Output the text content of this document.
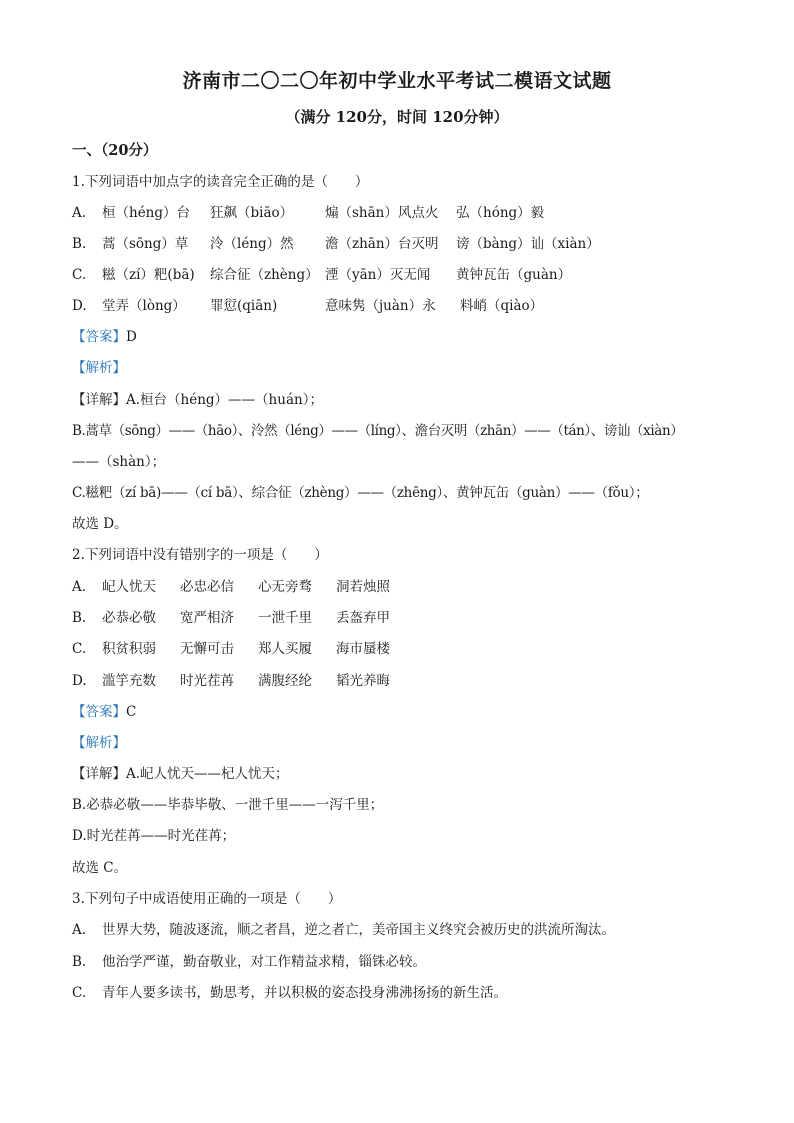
济南市二〇二〇年初中学业水平考试二模语文试题
（满分 120分，时间 120分钟）
一、（20分）
1.下列词语中加点字的读音完全正确的是（　　）
A.	桓（héng）台	狂飙（biāo）	煽（shān）风点火	弘（hóng）毅
B.	蒿（sōng）草	泠（léng）然	澹（zhān）台灭明	谤（bàng）讪（xiàn）
C.	糍（zí）粑(bā)	综合征（zhèng） 湮（yān）灭无闻	黄钟瓦缶（guàn）
D.	堂弄（lòng）	罪愆(qiān)	意味隽（juàn）永	料峭（qiào）
【答案】D
【解析】
【详解】A.桓台（héng）——（huán）；
B.蒿草（sōng）——（hāo）、泠然（léng）——（líng）、澹台灭明（zhān）——（tán）、谤讪（xiàn）
——（shàn）；
C.糍粑（zí bā)——（cí bā）、综合征（zhèng）——（zhēng）、黄钟瓦缶（guàn）——（fǒu）；
故选 D。
2.下列词语中没有错别字的一项是（　　）
A.	屺人忧天	必忠必信	心无旁骛	洞若烛照
B.	必恭必敬	宽严相济	一泄千里	丢盔弃甲
C.	积贫积弱	无懈可击	郑人买履	海市蜃楼
D.	滥竽充数	时光茬苒	满腹经纶	韬光养晦
【答案】C
【解析】
【详解】A.屺人忧天——杞人忧天；
B.必恭必敬——毕恭毕敬、一泄千里——一泻千里；
D.时光茬苒——时光荏苒；
故选 C。
3.下列句子中成语使用正确的一项是（　　）
A.	世界大势，随波逐流，顺之者昌，逆之者亡，美帝国主义终究会被历史的洪流所淘汰。
B.	他治学严谨，勤奋敬业，对工作精益求精，锱铢必较。
C.	青年人要多读书，勤思考，并以积极的姿态投身沸沸扬扬的新生活。
